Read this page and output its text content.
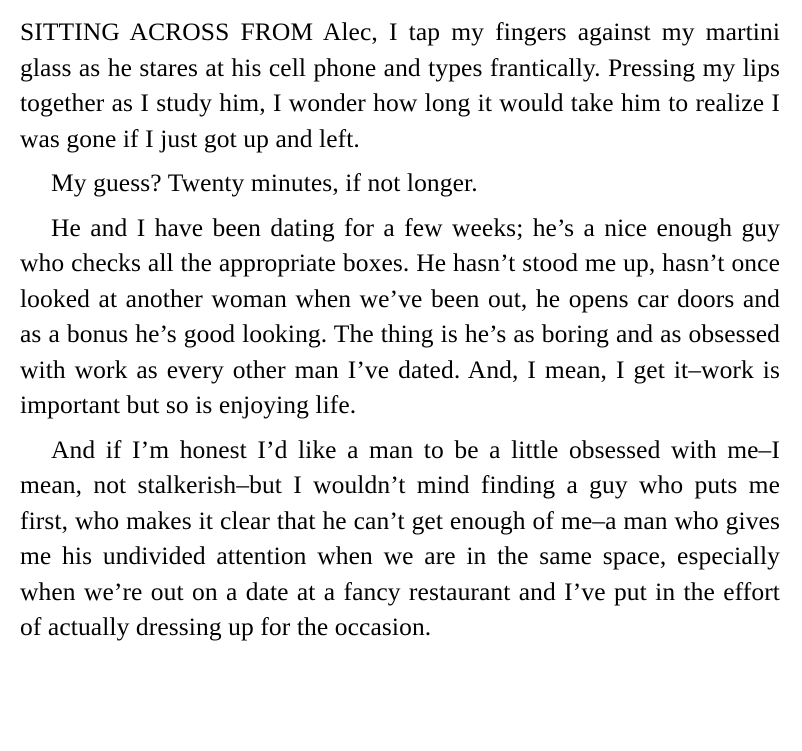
SITTING ACROSS FROM Alec, I tap my fingers against my martini glass as he stares at his cell phone and types frantically. Pressing my lips together as I study him, I wonder how long it would take him to realize I was gone if I just got up and left.

My guess? Twenty minutes, if not longer.

He and I have been dating for a few weeks; he’s a nice enough guy who checks all the appropriate boxes. He hasn’t stood me up, hasn’t once looked at another woman when we’ve been out, he opens car doors and as a bonus he’s good looking. The thing is he’s as boring and as obsessed with work as every other man I’ve dated. And, I mean, I get it–work is important but so is enjoying life.

And if I’m honest I’d like a man to be a little obsessed with me–I mean, not stalkerish–but I wouldn’t mind finding a guy who puts me first, who makes it clear that he can’t get enough of me–a man who gives me his undivided attention when we are in the same space, especially when we’re out on a date at a fancy restaurant and I’ve put in the effort of actually dressing up for the occasion.
